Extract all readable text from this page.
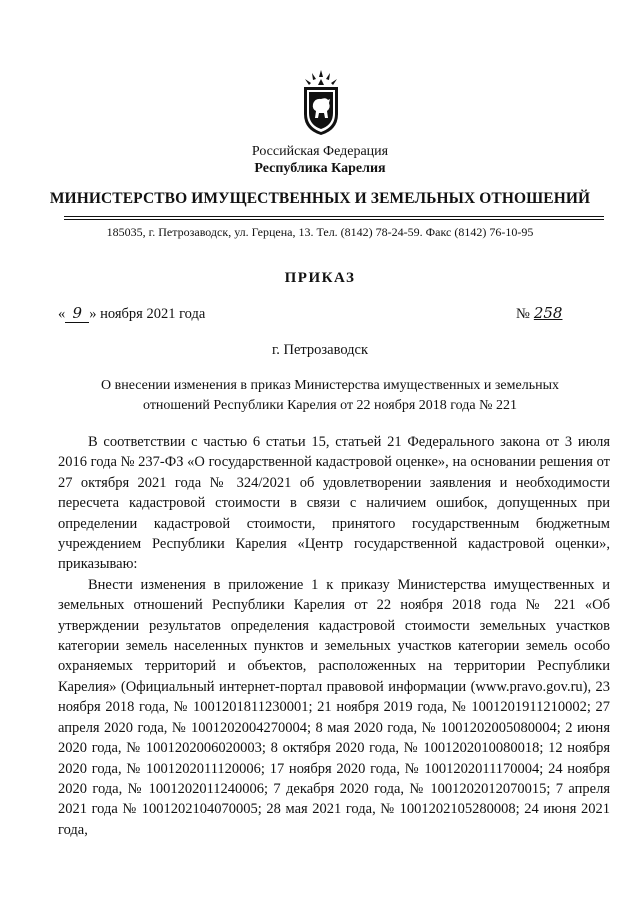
Российская Федерация
Республика Карелия
МИНИСТЕРСТВО ИМУЩЕСТВЕННЫХ И ЗЕМЕЛЬНЫХ ОТНОШЕНИЙ
185035, г. Петрозаводск, ул. Герцена, 13. Тел. (8142) 78-24-59. Факс (8142) 76-10-95
ПРИКАЗ
« 9 » ноября 2021 года	№ 258
г. Петрозаводск
О внесении изменения в приказ Министерства имущественных и земельных отношений Республики Карелия от 22 ноября 2018 года № 221

В соответствии с частью 6 статьи 15, статьей 21 Федерального закона от 3 июля 2016 года № 237-ФЗ «О государственной кадастровой оценке», на основании решения от 27 октября 2021 года № 324/2021 об удовлетворении заявления и необходимости пересчета кадастровой стоимости в связи с наличием ошибок, допущенных при определении кадастровой стоимости, принятого государственным бюджетным учреждением Республики Карелия «Центр государственной кадастровой оценки», приказываю:

Внести изменения в приложение 1 к приказу Министерства имущественных и земельных отношений Республики Карелия от 22 ноября 2018 года № 221 «Об утверждении результатов определения кадастровой стоимости земельных участков категории земель населенных пунктов и земельных участков категории земель особо охраняемых территорий и объектов, расположенных на территории Республики Карелия» (Официальный интернет-портал правовой информации (www.pravo.gov.ru), 23 ноября 2018 года, № 1001201811230001; 21 ноября 2019 года, № 1001201911210002; 27 апреля 2020 года, № 1001202004270004; 8 мая 2020 года, № 1001202005080004; 2 июня 2020 года, № 1001202006020003; 8 октября 2020 года, № 1001202010080018; 12 ноября 2020 года, № 1001202011120006; 17 ноября 2020 года, № 1001202011170004; 24 ноября 2020 года, № 1001202011240006; 7 декабря 2020 года, № 1001202012070015; 7 апреля 2021 года № 1001202104070005; 28 мая 2021 года, № 1001202105280008; 24 июня 2021 года,
